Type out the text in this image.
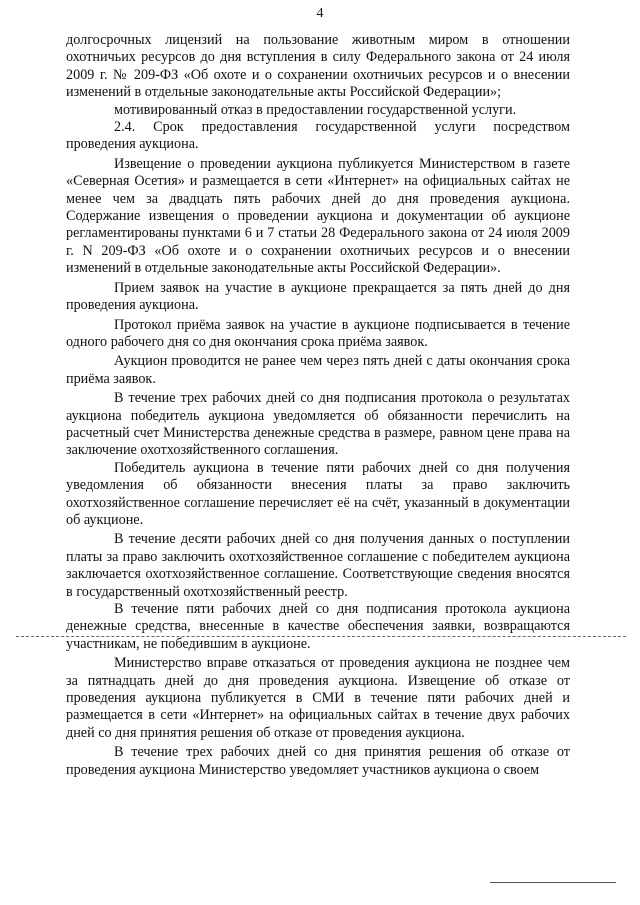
4

долгосрочных лицензий на пользование животным миром в отношении охотничьих ресурсов до дня вступления в силу Федерального закона от 24 июля 2009 г. № 209-ФЗ «Об охоте и о сохранении охотничьих ресурсов и о внесении изменений в отдельные законодательные акты Российской Федерации»;

мотивированный отказ в предоставлении государственной услуги.

2.4. Срок предоставления государственной услуги посредством проведения аукциона.

Извещение о проведении аукциона публикуется Министерством в газете «Северная Осетия» и размещается в сети «Интернет» на официальных сайтах не менее чем за двадцать пять рабочих дней до дня проведения аукциона. Содержание извещения о проведении аукциона и документации об аукционе регламентированы пунктами 6 и 7 статьи 28 Федерального закона от 24 июля 2009 г. N 209-ФЗ «Об охоте и о сохранении охотничьих ресурсов и о внесении изменений в отдельные законодательные акты Российской Федерации».

Прием заявок на участие в аукционе прекращается за пять дней до дня проведения аукциона.

Протокол приёма заявок на участие в аукционе подписывается в течение одного рабочего дня со дня окончания срока приёма заявок.

Аукцион проводится не ранее чем через пять дней с даты окончания срока приёма заявок.

В течение трех рабочих дней со дня подписания протокола о результатах аукциона победитель аукциона уведомляется об обязанности перечислить на расчетный счет Министерства денежные средства в размере, равном цене права на заключение охотхозяйственного соглашения.

Победитель аукциона в течение пяти рабочих дней со дня получения уведомления об обязанности внесения платы за право заключить охотхозяйственное соглашение перечисляет её на счёт, указанный в документации об аукционе.

В течение десяти рабочих дней со дня получения данных о поступлении платы за право заключить охотхозяйственное соглашение с победителем аукциона заключается охотхозяйственное соглашение. Соответствующие сведения вносятся в государственный охотхозяйственный реестр.

В течение пяти рабочих дней со дня подписания протокола аукциона денежные средства, внесенные в качестве обеспечения заявки, возвращаются участникам, не победившим в аукционе.

Министерство вправе отказаться от проведения аукциона не позднее чем за пятнадцать дней до дня проведения аукциона. Извещение об отказе от проведения аукциона публикуется в СМИ в течение пяти рабочих дней и размещается в сети «Интернет» на официальных сайтах в течение двух рабочих дней со дня принятия решения об отказе от проведения аукциона.

В течение трех рабочих дней со дня принятия решения об отказе от проведения аукциона Министерство уведомляет участников аукциона о своем
